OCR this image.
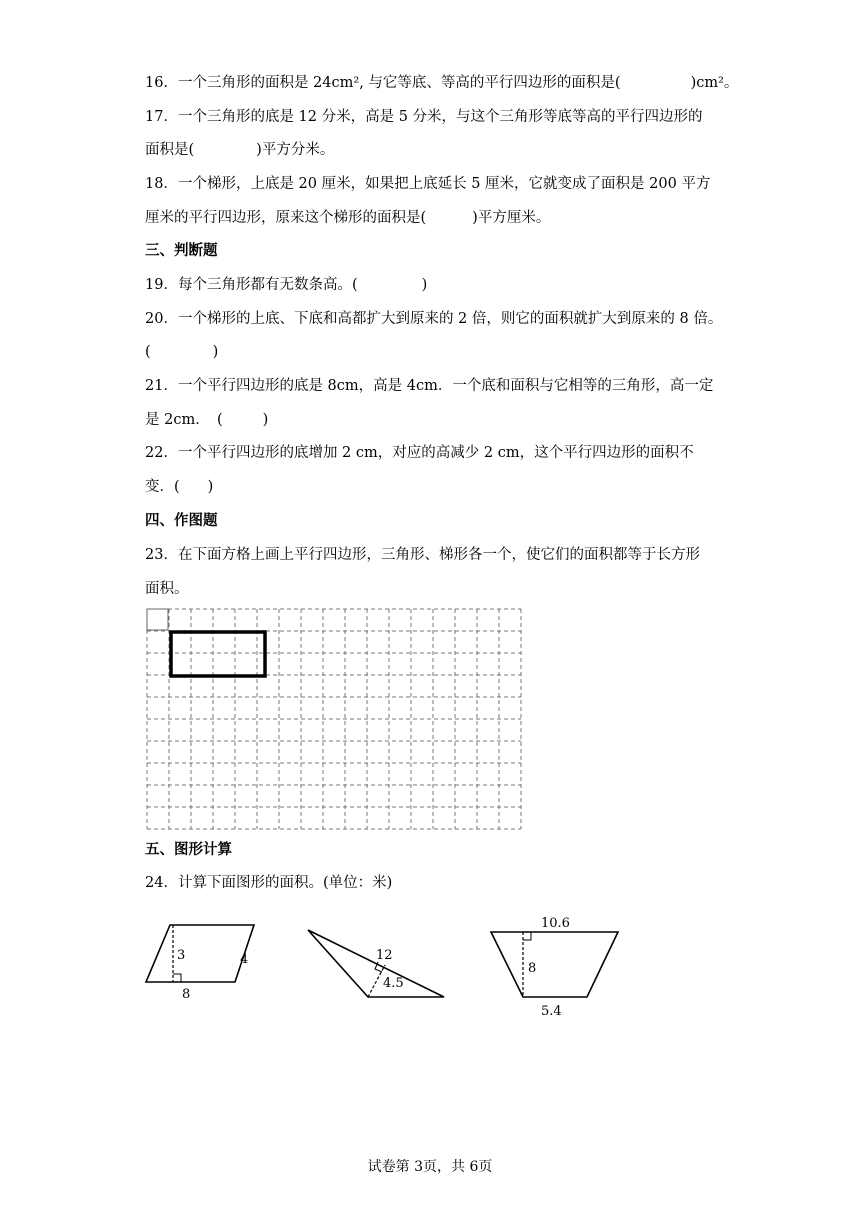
16．一个三角形的面积是 24cm², 与它等底、等高的平行四边形的面积是(	)cm²。
17．一个三角形的底是 12 分米，高是 5 分米，与这个三角形等底等高的平行四边形的
面积是(	)平方分米。
18．一个梯形，上底是 20 厘米，如果把上底延长 5 厘米，它就变成了面积是 200 平方
厘米的平行四边形，原来这个梯形的面积是(	)平方厘米。
三、判断题
19．每个三角形都有无数条高。(	)
20．一个梯形的上底、下底和高都扩大到原来的 2 倍，则它的面积就扩大到原来的 8 倍。
(	)
21．一个平行四边形的底是 8cm，高是 4cm．一个底和面积与它相等的三角形，高一定
是 2cm．　(	)
22．一个平行四边形的底增加 2 cm，对应的高减少 2 cm，这个平行四边形的面积不
变．( )
四、作图题
23．在下面方格上画上平行四边形，三角形、梯形各一个，使它们的面积都等于长方形
面积。
五、图形计算
24．计算下面图形的面积。(单位：米)
3	4
8
12
4.5
10.6
8
5.4
试卷第 3页，共 6页
